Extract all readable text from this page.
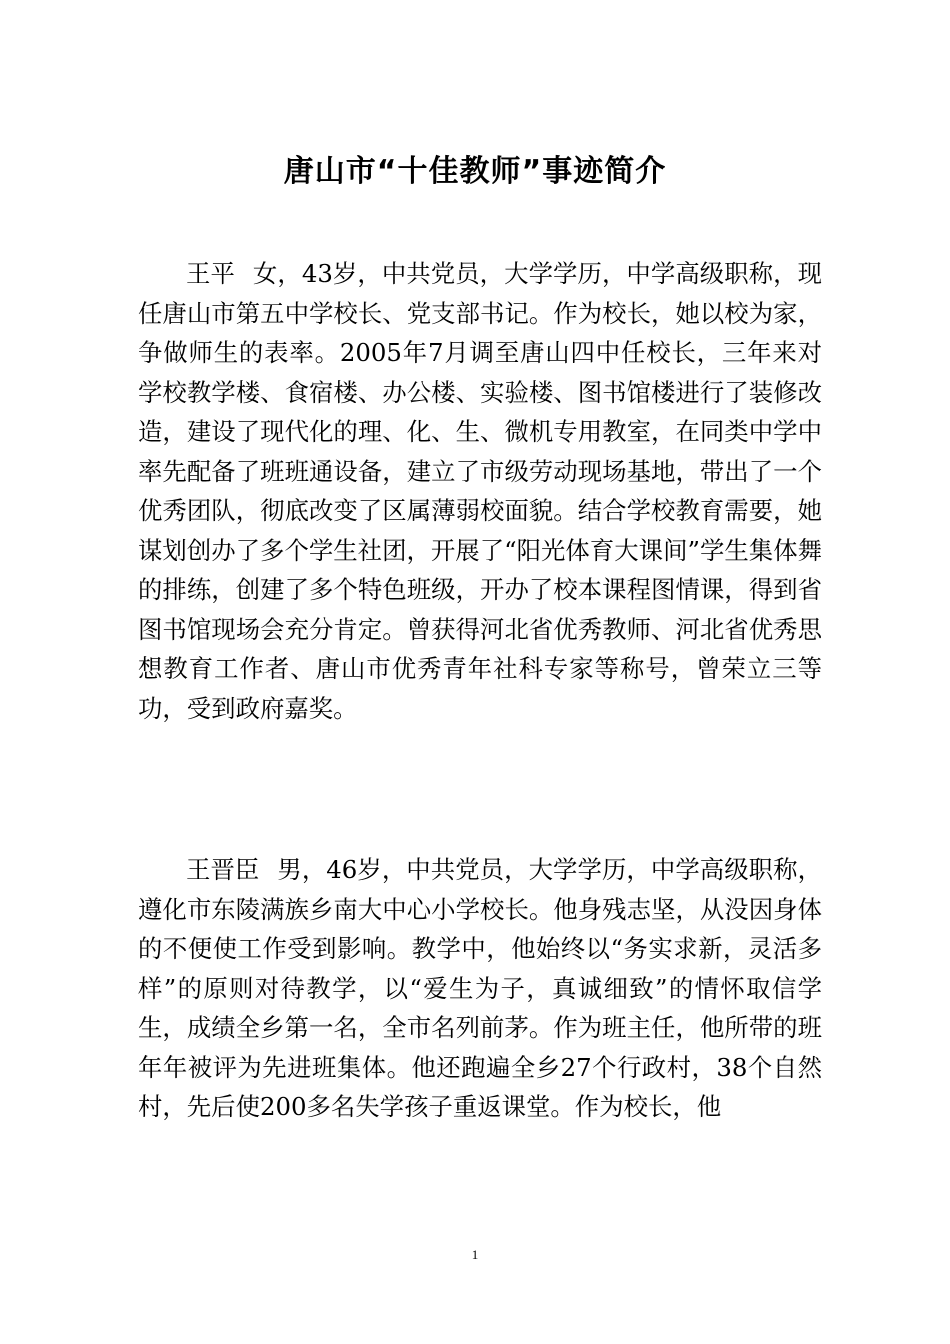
唐山市“十佳教师”事迹简介

王平 女，43岁，中共党员，大学学历，中学高级职称，现任唐山市第五中学校长、党支部书记。作为校长，她以校为家，争做师生的表率。2005年7月调至唐山四中任校长，三年来对学校教学楼、食宿楼、办公楼、实验楼、图书馆楼进行了装修改造，建设了现代化的理、化、生、微机专用教室，在同类中学中率先配备了班班通设备，建立了市级劳动现场基地，带出了一个优秀团队，彻底改变了区属薄弱校面貌。结合学校教育需要，她谋划创办了多个学生社团，开展了“阳光体育大课间”学生集体舞的排练，创建了多个特色班级，开办了校本课程图情课，得到省图书馆现场会充分肯定。曾获得河北省优秀教师、河北省优秀思想教育工作者、唐山市优秀青年社科专家等称号，曾荣立三等功，受到政府嘉奖。

王晋臣 男，46岁，中共党员，大学学历，中学高级职称，遵化市东陵满族乡南大中心小学校长。他身残志坚，从没因身体的不便使工作受到影响。教学中，他始终以“务实求新，灵活多样”的原则对待教学，以“爱生为子，真诚细致”的情怀取信学生，成绩全乡第一名，全市名列前茅。作为班主任，他所带的班年年被评为先进班集体。他还跑遍全乡27个行政村，38个自然村，先后使200多名失学孩子重返课堂。作为校长，他

1
